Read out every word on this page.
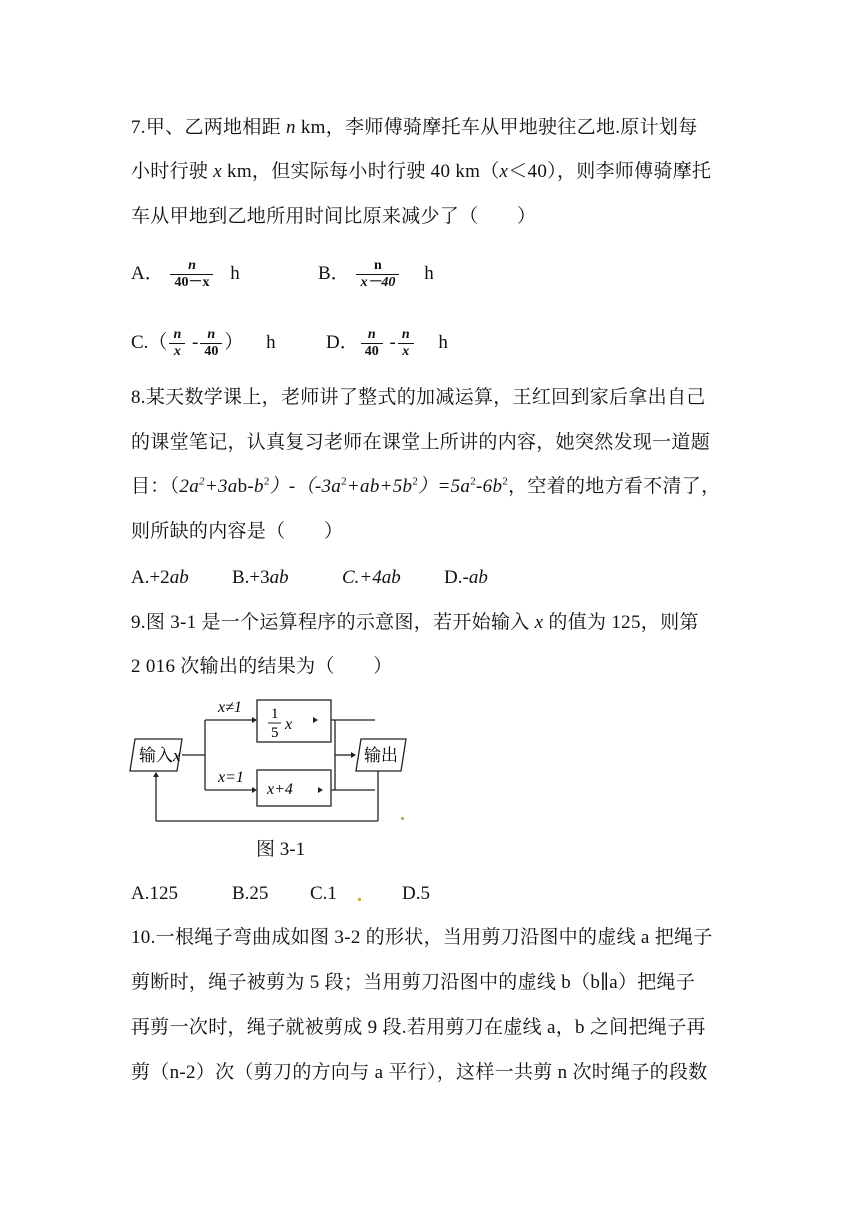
7.甲、乙两地相距 n km，李师傅骑摩托车从甲地驶往乙地.原计划每
小时行驶 x km，但实际每小时行驶 40 km（x＜40），则李师傅骑摩托
车从甲地到乙地所用时间比原来减少了（　　）
A． $\frac{n}{40-x}$ h	B． $\frac{n}{x-40}$ h
$C.( \frac{n}{x} - \frac{n}{40}$ ） h	D． $\frac{n}{40} - \frac{n}{x}$ h
8.某天数学课上，老师讲了整式的加减运算，王红回到家后拿出自己
的课堂笔记，认真复习老师在课堂上所讲的内容，她突然发现一道题
目：$(2a^2+3ab-b^2)-(-3a^2+ab+5b^2)=5a^2-6b^2$，空着的地方看不清了，
则所缺的内容是（　　）
A.+2ab B.+3ab	C.+4ab D.-ab
9.图 3-1 是一个运算程序的示意图，若开始输入 x 的值为 125，则第
2 016 次输出的结果为（　　）
输入x
x≠1
x=1
1
5 x
x+4
输出
图 3-1
A.125	B.25 C.1	D.5
10.一根绳子弯曲成如图 3-2 的形状，当用剪刀沿图中的虚线 a 把绳子
剪断时，绳子被剪为 5 段；当用剪刀沿图中的虚线 b（b∥a）把绳子
再剪一次时，绳子就被剪成 9 段.若用剪刀在虚线 a，b 之间把绳子再
剪（n-2）次（剪刀的方向与 a 平行），这样一共剪 n 次时绳子的段数
